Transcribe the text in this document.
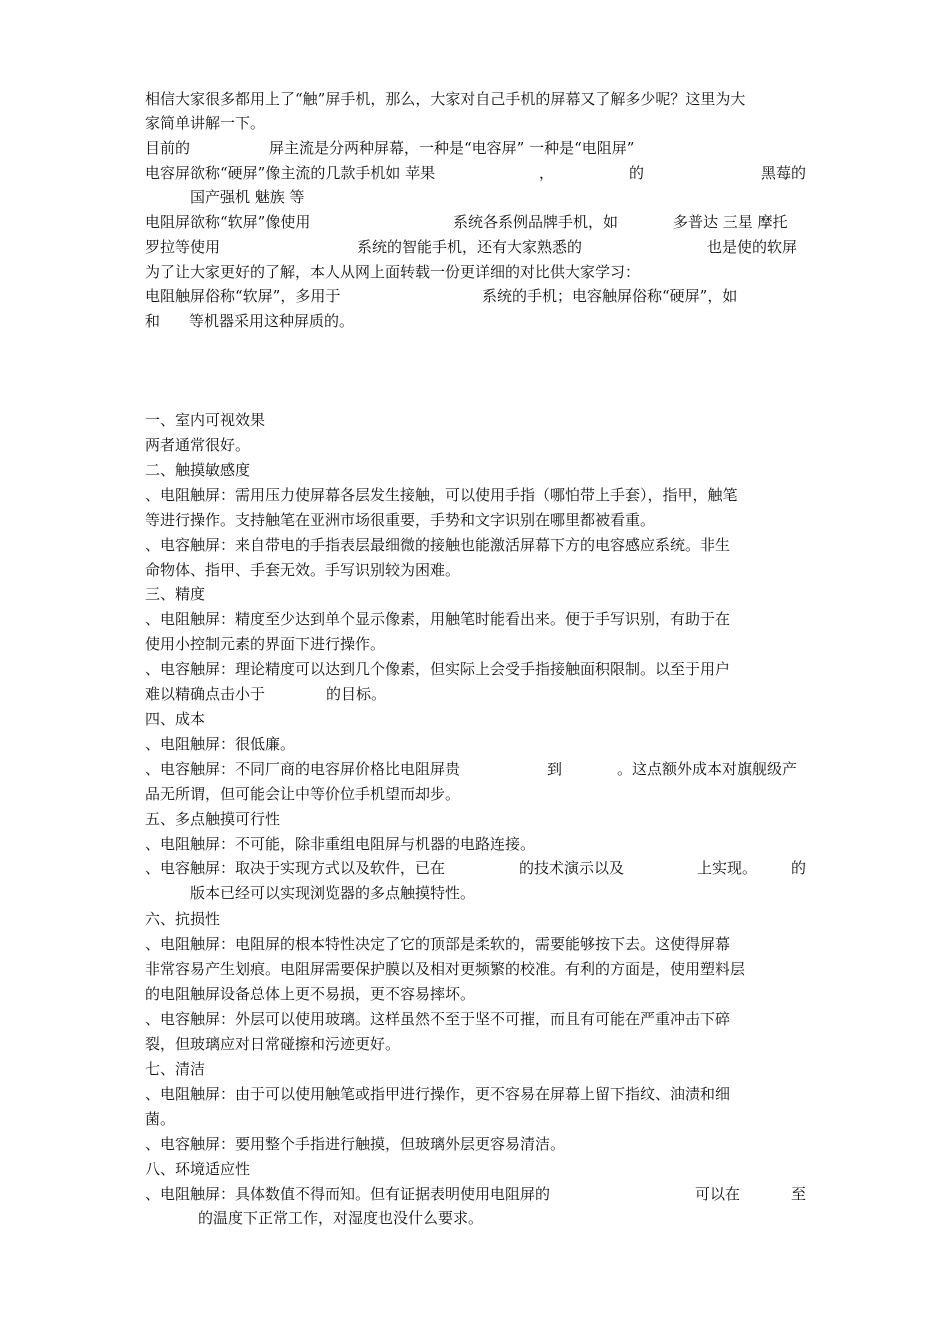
相信大家很多都用上了“触”屏手机，那么，大家对自己手机的屏幕又了解多少呢？这里为大
家简单讲解一下。
目前的	屏主流是分两种屏幕，一种是“电容屏” 一种是“电阻屏”
电容屏欲称“硬屏”像主流的几款手机如 苹果	，	的	黑莓的
国产强机 魅族 等
电阻屏欲称“软屏”像使用	系统各系例品牌手机，如	多普达 三星 摩托
罗拉等使用	系统的智能手机，还有大家熟悉的	也是使的软屏
为了让大家更好的了解，本人从网上面转载一份更详细的对比供大家学习：
电阻触屏俗称“软屏”，多用于	系统的手机；电容触屏俗称“硬屏”，如
和 等机器采用这种屏质的。
一、室内可视效果
两者通常很好。
二、触摸敏感度
、电阻触屏：需用压力使屏幕各层发生接触，可以使用手指（哪怕带上手套），指甲，触笔
等进行操作。支持触笔在亚洲市场很重要，手势和文字识别在哪里都被看重。
、电容触屏：来自带电的手指表层最细微的接触也能激活屏幕下方的电容感应系统。非生
命物体、指甲、手套无效。手写识别较为困难。
三、精度
、电阻触屏：精度至少达到单个显示像素，用触笔时能看出来。便于手写识别，有助于在
使用小控制元素的界面下进行操作。
、电容触屏：理论精度可以达到几个像素，但实际上会受手指接触面积限制。以至于用户
难以精确点击小于	的目标。
四、成本
、电阻触屏：很低廉。
、电容触屏：不同厂商的电容屏价格比电阻屏贵	到	。这点额外成本对旗舰级产
品无所谓，但可能会让中等价位手机望而却步。
五、多点触摸可行性
、电阻触屏：不可能，除非重组电阻屏与机器的电路连接。
、电容触屏：取决于实现方式以及软件，已在	的技术演示以及	上实现。 的
版本已经可以实现浏览器的多点触摸特性。
六、抗损性
、电阻触屏：电阻屏的根本特性决定了它的顶部是柔软的，需要能够按下去。这使得屏幕
非常容易产生划痕。电阻屏需要保护膜以及相对更频繁的校准。有利的方面是，使用塑料层
的电阻触屏设备总体上更不易损，更不容易摔坏。
、电容触屏：外层可以使用玻璃。这样虽然不至于坚不可摧，而且有可能在严重冲击下碎
裂，但玻璃应对日常碰擦和污迹更好。
七、清洁
、电阻触屏：由于可以使用触笔或指甲进行操作，更不容易在屏幕上留下指纹、油渍和细
菌。
、电容触屏：要用整个手指进行触摸，但玻璃外层更容易清洁。
八、环境适应性
、电阻触屏：具体数值不得而知。但有证据表明使用电阻屏的	可以在	至
的温度下正常工作，对湿度也没什么要求。
